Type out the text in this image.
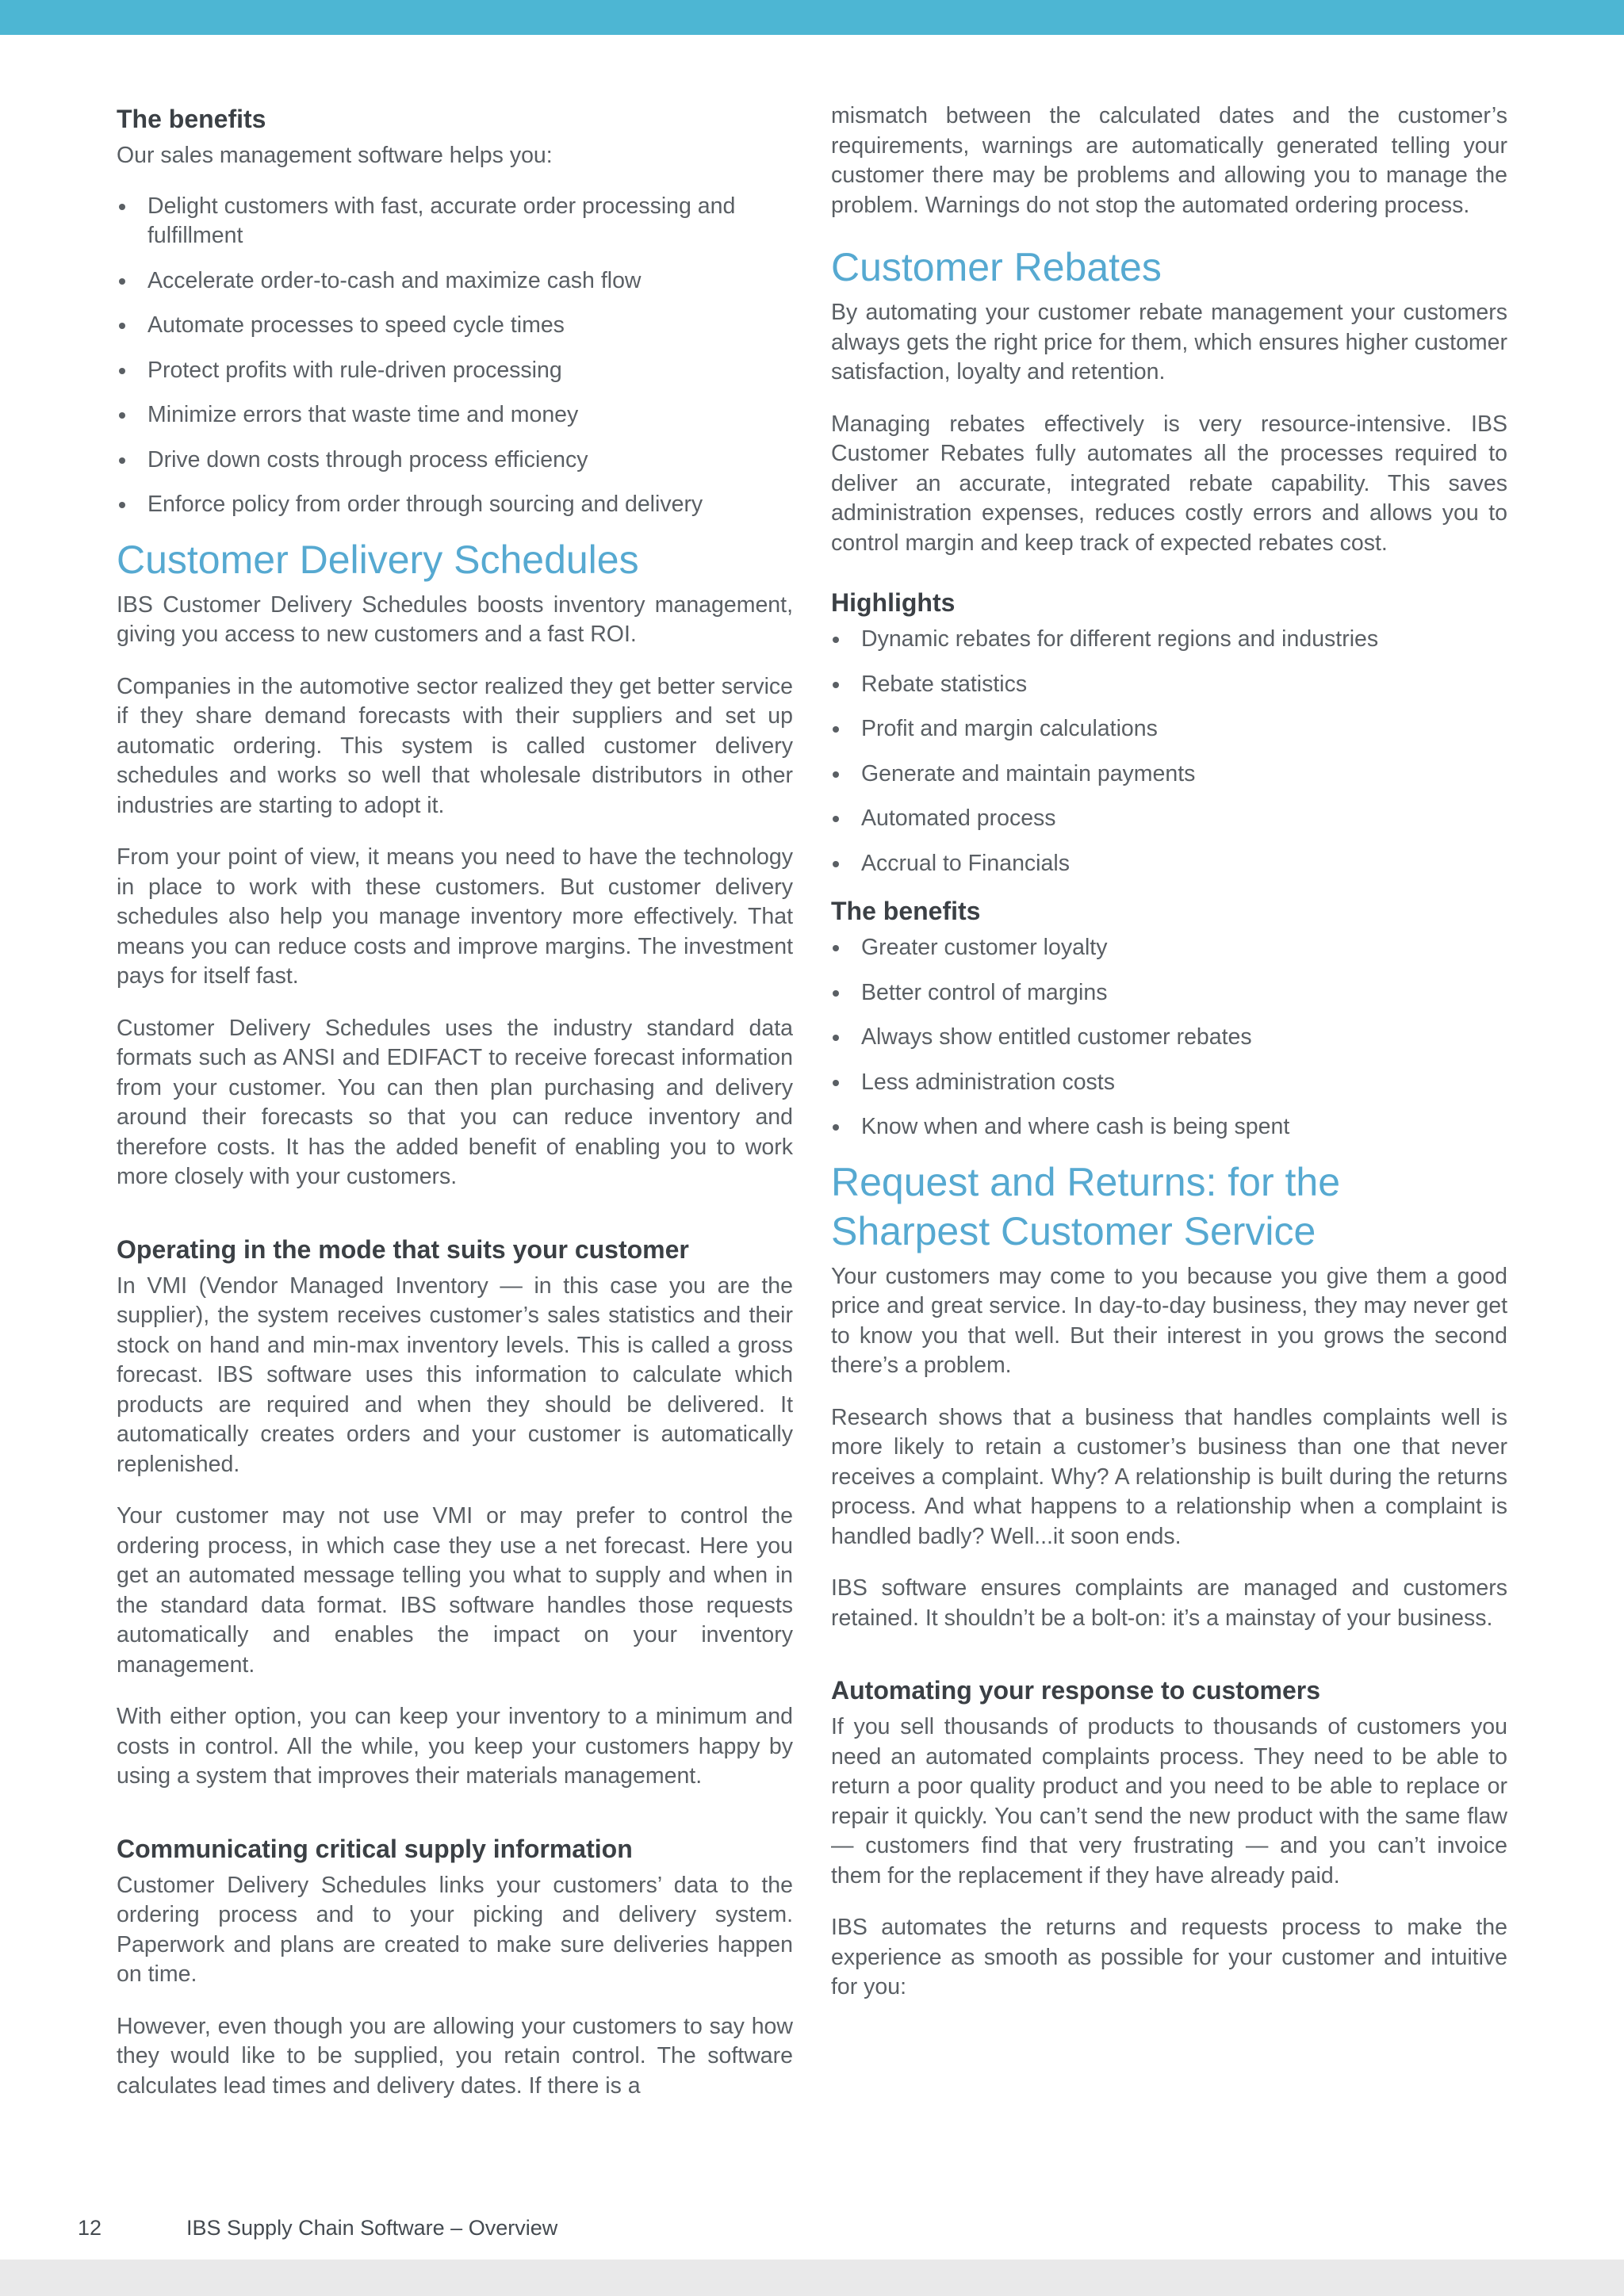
The benefits

Our sales management software helps you:

Delight customers with fast, accurate order processing and fulfillment
Accelerate order-to-cash and maximize cash flow
Automate processes to speed cycle times
Protect profits with rule-driven processing
Minimize errors that waste time and money
Drive down costs through process efficiency
Enforce policy from order through sourcing and delivery
Customer Delivery Schedules

IBS Customer Delivery Schedules boosts inventory management, giving you access to new customers and a fast ROI.

Companies in the automotive sector realized they get better service if they share demand forecasts with their suppliers and set up automatic ordering. This system is called customer delivery schedules and works so well that wholesale distributors in other industries are starting to adopt it.

From your point of view, it means you need to have the technology in place to work with these customers. But customer delivery schedules also help you manage inventory more effectively. That means you can reduce costs and improve margins. The investment pays for itself fast.

Customer Delivery Schedules uses the industry standard data formats such as ANSI and EDIFACT to receive forecast information from your customer. You can then plan purchasing and delivery around their forecasts so that you can reduce inventory and therefore costs. It has the added benefit of enabling you to work more closely with your customers.

Operating in the mode that suits your customer

In VMI (Vendor Managed Inventory — in this case you are the supplier), the system receives customer’s sales statistics and their stock on hand and min-max inventory levels. This is called a gross forecast. IBS software uses this information to calculate which products are required and when they should be delivered. It automatically creates orders and your customer is automatically replenished.

Your customer may not use VMI or may prefer to control the ordering process, in which case they use a net forecast. Here you get an automated message telling you what to supply and when in the standard data format. IBS software handles those requests automatically and enables the impact on your inventory management.

With either option, you can keep your inventory to a minimum and costs in control. All the while, you keep your customers happy by using a system that improves their materials management.

Communicating critical supply information

Customer Delivery Schedules links your customers’ data to the ordering process and to your picking and delivery system. Paperwork and plans are created to make sure deliveries happen on time.

However, even though you are allowing your customers to say how they would like to be supplied, you retain control. The software calculates lead times and delivery dates. If there is a

mismatch between the calculated dates and the customer’s requirements, warnings are automatically generated telling your customer there may be problems and allowing you to manage the problem. Warnings do not stop the automated ordering process.

Customer Rebates

By automating your customer rebate management your customers always gets the right price for them, which ensures higher customer satisfaction, loyalty and retention.

Managing rebates effectively is very resource-intensive. IBS Customer Rebates fully automates all the processes required to deliver an accurate, integrated rebate capability. This saves administration expenses, reduces costly errors and allows you to control margin and keep track of expected rebates cost.

Highlights
Dynamic rebates for different regions and industries
Rebate statistics
Profit and margin calculations
Generate and maintain payments
Automated process
Accrual to Financials
The benefits
Greater customer loyalty
Better control of margins
Always show entitled customer rebates
Less administration costs
Know when and where cash is being spent
Request and Returns: for the Sharpest Customer Service

Your customers may come to you because you give them a good price and great service. In day-to-day business, they may never get to know you that well. But their interest in you grows the second there’s a problem.

Research shows that a business that handles complaints well is more likely to retain a customer’s business than one that never receives a complaint. Why? A relationship is built during the returns process. And what happens to a relationship when a complaint is handled badly? Well...it soon ends.

IBS software ensures complaints are managed and customers retained. It shouldn’t be a bolt-on: it’s a mainstay of your business.

Automating your response to customers

If you sell thousands of products to thousands of customers you need an automated complaints process. They need to be able to return a poor quality product and you need to be able to replace or repair it quickly. You can’t send the new product with the same flaw — customers find that very frustrating — and you can’t invoice them for the replacement if they have already paid.

IBS automates the returns and requests process to make the experience as smooth as possible for your customer and intuitive for you:

12	IBS Supply Chain Software – Overview
